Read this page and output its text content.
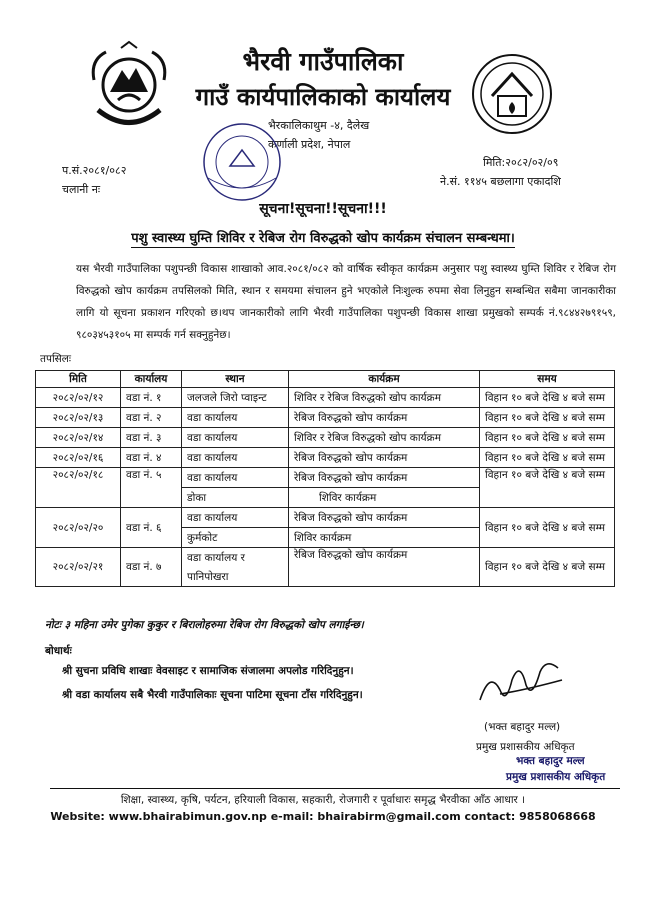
भैरवी गाउँपालिका
गाउँ कार्यपालिकाको कार्यालय
भैरकालिकाथुम -४, दैलेख
कर्णाली प्रदेश, नेपाल
प.सं.२०८१/०८२
चलानी नः
मिति:२०८२/०२/०९
ने.सं. ११४५ बछलागा एकादशि
सूचना!सूचना!!सूचना!!!
पशु स्वास्थ्य घुम्ति शिविर र रेबिज रोग विरुद्धको खोप कार्यक्रम संचालन सम्बन्धमा।
यस भैरवी गाउँपालिका पशुपन्छी विकास शाखाको आव.२०८१/०८२ को वार्षिक स्वीकृत कार्यक्रम अनुसार पशु स्वास्थ्य घुम्ति शिविर र रेबिज रोग विरुद्धको खोप कार्यक्रम तपसिलको मिति, स्थान र समयमा संचालन हुने भएकोले निःशुल्क रुपमा सेवा लिनुहुन सम्बन्धित सबैमा जानकारीका लागि यो सूचना प्रकाशन गरिएको छ।थप जानकारीको लागि भैरवी गाउँपालिका पशुपन्छी विकास शाखा प्रमुखको सम्पर्क नं.९८४४२७९१५९, ९८०३४५३१०५ मा सम्पर्क गर्न सक्नुहुनेछ।
तपसिलः
मिति	कार्यालय	स्थान	कार्यक्रम	समय
२०८२/०२/१२	वडा नं. १	जलजले जिरो प्वाइन्ट	शिविर र रेबिज विरुद्धको खोप कार्यक्रम	विहान १० बजे देखि ४ बजे सम्म
२०८२/०२/१३	वडा नं. २	वडा कार्यालय	रेबिज विरुद्धको खोप कार्यक्रम	विहान १० बजे देखि ४ बजे सम्म
२०८२/०२/१४	वडा नं. ३	वडा कार्यालय	शिविर र रेबिज विरुद्धको खोप कार्यक्रम	विहान १० बजे देखि ४ बजे सम्म
२०८२/०२/१६	वडा नं. ४	वडा कार्यालय	रेबिज विरुद्धको खोप कार्यक्रम	विहान १० बजे देखि ४ बजे सम्म
२०८२/०२/१८	वडा नं. ५	वडा कार्यालय	रेबिज विरुद्धको खोप कार्यक्रम	विहान १० बजे देखि ४ बजे सम्म
		डोका	शिविर कार्यक्रम	
२०८२/०२/२०	वडा नं. ६	वडा कार्यालय	रेबिज विरुद्धको खोप कार्यक्रम	विहान १० बजे देखि ४ बजे सम्म
		कुर्मकोट	शिविर कार्यक्रम	
२०८२/०२/२१	वडा नं. ७	वडा कार्यालय र	रेबिज विरुद्धको खोप कार्यक्रम	विहान १० बजे देखि ४ बजे सम्म
		पानिपोखरा		
नोटः ३ महिना उमेर पुगेका कुकुर र बिरालोहरुमा रेबिज रोग विरुद्धको खोप लगाईन्छ।
बोधार्थः
श्री सुचना प्रविधि शाखाः वेवसाइट र सामाजिक संजालमा अपलोड गरिदिनुहुन।
श्री वडा कार्यालय सबै भैरवी गाउँपालिकाः सूचना पाटिमा सूचना टाँस गरिदिनुहुन।
(भक्त बहादुर मल्ल)
प्रमुख प्रशासकीय अधिकृत
भक्त बहादुर मल्ल
प्रमुख प्रशासकीय अधिकृत
शिक्षा, स्वास्थ्य, कृषि, पर्यटन, हरियाली विकास, सहकारी, रोजगारी र पूर्वाधारः समृद्ध भैरवीका आँठ आधार ।
Website: www.bhairabimun.gov.np e-mail: bhairabirm@gmail.com contact: 9858068668
